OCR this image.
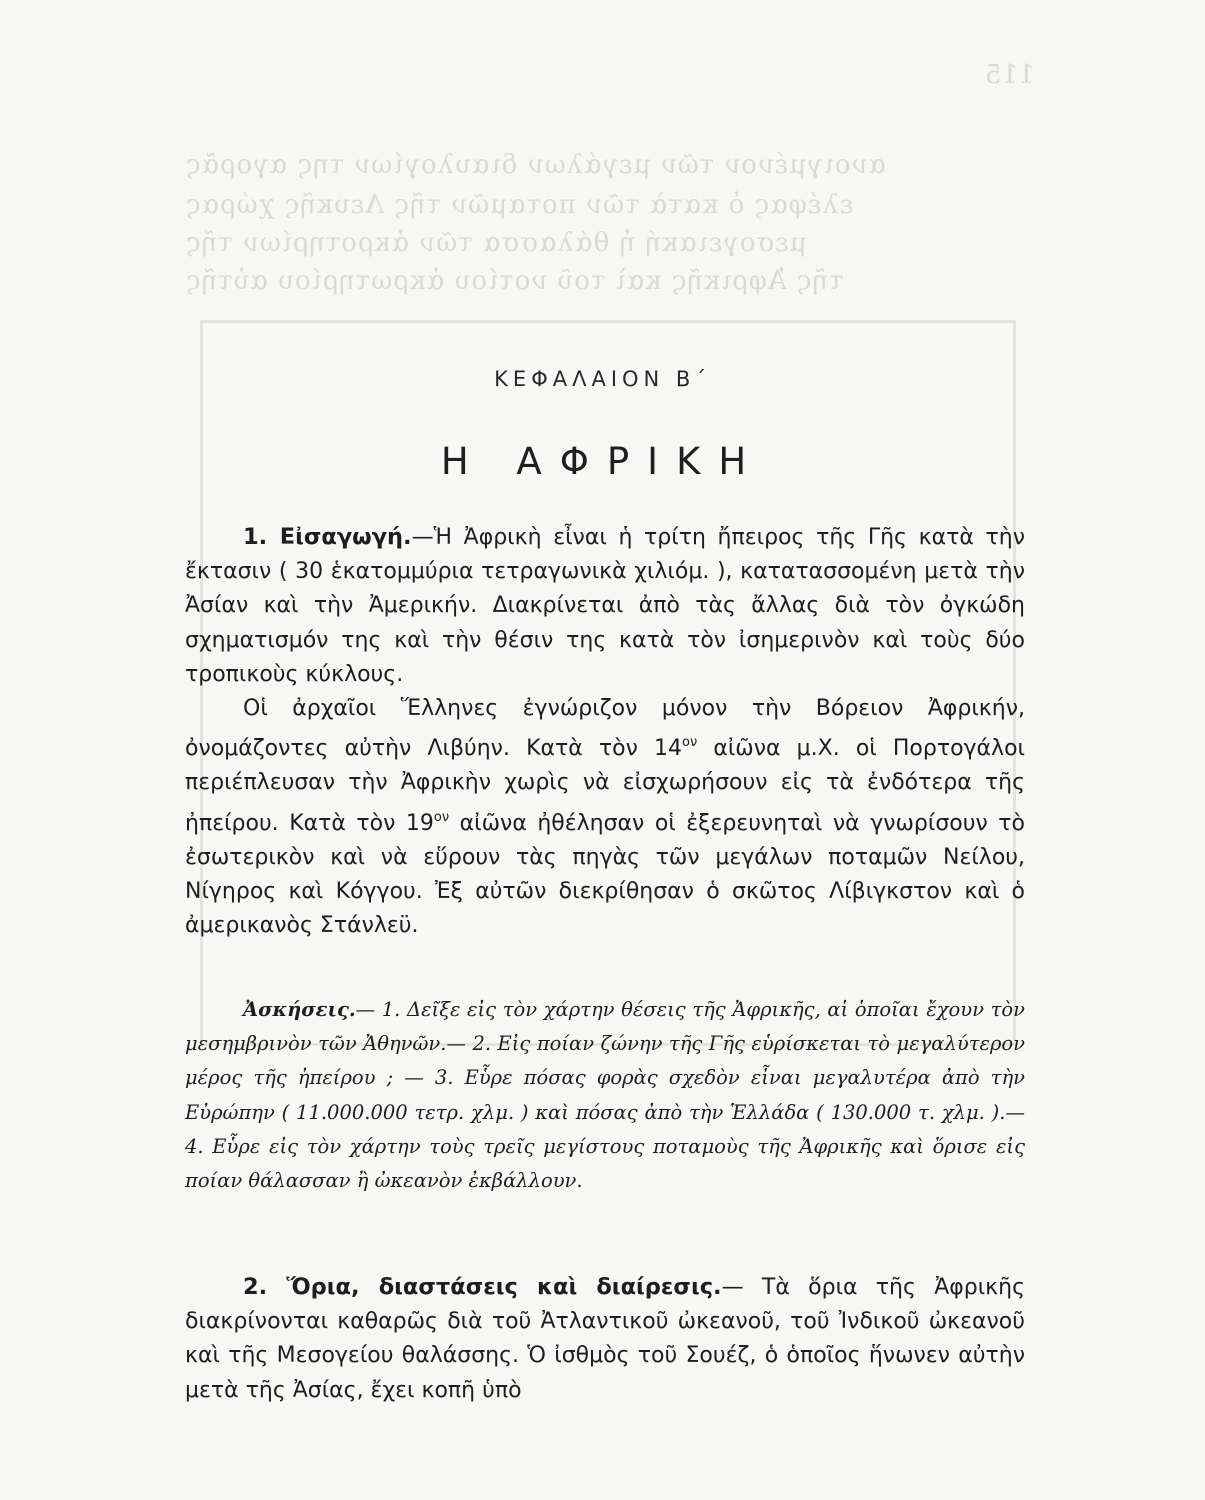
115
ανοιγμένον τῶν μεγάλων διαυλογίων της αγορᾶς
ελέφας ὁ κατὰ τῶν ποταμῶν τῆς Λευκῆς χώρας
μεσογειακή ἡ θάλασσα τῶν ἀκροτηρίων τῆς
τῆς Ἀφρικῆς καὶ τοῦ νοτίου ἀκρωτηρίου αὐτῆς
ΚΕΦΑΛΑΙΟΝ Β΄
Η ΑΦΡΙΚΗ

1. Εἰσαγωγή.—Ἡ Ἀφρικὴ εἶναι ἡ τρίτη ἤπειρος τῆς Γῆς κατὰ τὴν ἔκτασιν ( 30 ἑκατομμύρια τετραγωνικὰ χιλιόμ. ), κατατασσομένη μετὰ τὴν Ἀσίαν καὶ τὴν Ἀμερικήν. Διακρίνεται ἀπὸ τὰς ἄλλας διὰ τὸν ὀγκώδη σχηματισμόν της καὶ τὴν θέσιν της κατὰ τὸν ἰσημερινὸν καὶ τοὺς δύο τροπικοὺς κύκλους.

Οἱ ἀρχαῖοι Ἕλληνες ἐγνώριζον μόνον τὴν Βόρειον Ἀφρικήν, ὀνομάζοντες αὐτὴν Λιβύην. Κατὰ τὸν $14^{o\nu}$ αἰῶνα μ.Χ. οἱ Πορτογάλοι περιέπλευσαν τὴν Ἀφρικὴν χωρὶς νὰ εἰσχωρήσουν εἰς τὰ ἐνδότερα τῆς ἠπείρου. Κατὰ τὸν $19^{o\nu}$ αἰῶνα ἠθέλησαν οἱ ἐξερευνηταὶ νὰ γνωρίσουν τὸ ἐσωτερικὸν καὶ νὰ εὕρουν τὰς πηγὰς τῶν μεγάλων ποταμῶν Νείλου, Νίγηρος καὶ Κόγγου. Ἐξ αὐτῶν διεκρίθησαν ὁ σκῶτος Λίβιγκστον καὶ ὁ ἀμερικανὸς Στάνλεϋ.

Ἀσκήσεις.— 1. Δεῖξε εἰς τὸν χάρτην θέσεις τῆς Ἀφρικῆς, αἱ ὁποῖαι ἔχουν τὸν μεσημβρινὸν τῶν Ἀθηνῶν.— 2. Εἰς ποίαν ζώνην τῆς Γῆς εὑρίσκεται τὸ μεγαλύτερον μέρος τῆς ἠπείρου ; — 3. Εὗρε πόσας φορὰς σχεδὸν εἶναι μεγαλυτέρα ἀπὸ τὴν Εὐρώπην ( 11.000.000 τετρ. χλμ. ) καὶ πόσας ἀπὸ τὴν Ἑλλάδα ( 130.000 τ. χλμ. ).— 4. Εὗρε εἰς τὸν χάρτην τοὺς τρεῖς μεγίστους ποταμοὺς τῆς Ἀφρικῆς καὶ ὅρισε εἰς ποίαν θάλασσαν ἢ ὠκεανὸν ἐκβάλλουν.

2. Ὅρια, διαστάσεις καὶ διαίρεσις.— Τὰ ὅρια τῆς Ἀφρικῆς διακρίνονται καθαρῶς διὰ τοῦ Ἀτλαντικοῦ ὠκεανοῦ, τοῦ Ἰνδικοῦ ὠκεανοῦ καὶ τῆς Μεσογείου θαλάσσης. Ὁ ἰσθμὸς τοῦ Σουέζ, ὁ ὁποῖος ἥνωνεν αὐτὴν μετὰ τῆς Ἀσίας, ἔχει κοπῆ ὑπὸ
